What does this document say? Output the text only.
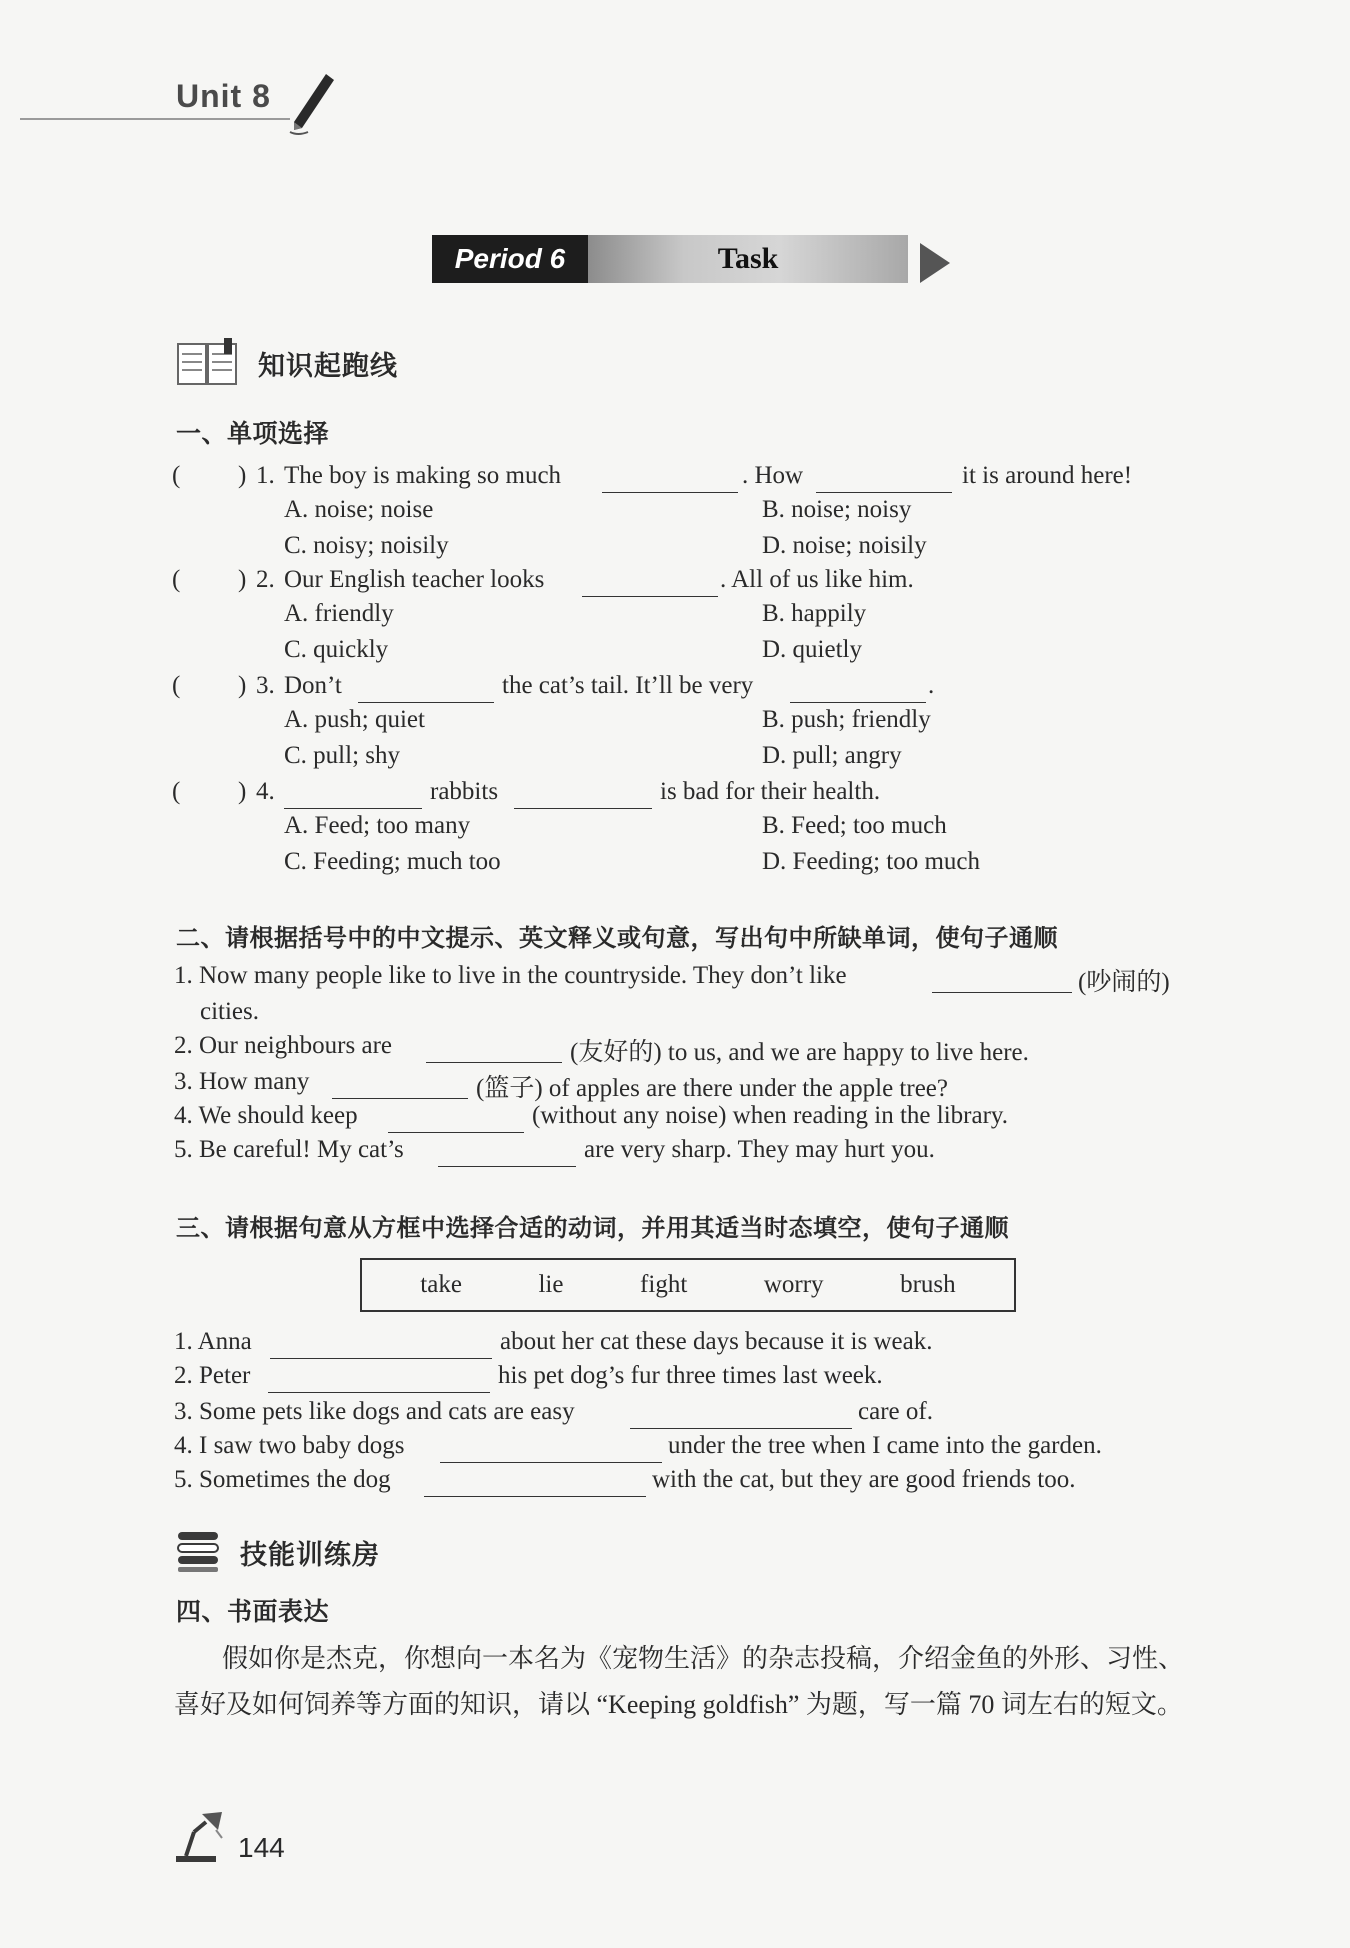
Unit 8
Period 6	Task
知识起跑线
一、单项选择
( ) 1. The boy is making so much	. How	it is around here!
A. noise; noise	B. noise; noisy
C. noisy; noisily	D. noise; noisily
( ) 2. Our English teacher looks	. All of us like him.
A. friendly	B. happily
C. quickly	D. quietly
( ) 3. Don’t	the cat’s tail. It’ll be very	.
A. push; quiet	B. push; friendly
C. pull; shy	D. pull; angry
( ) 4.	rabbits	is bad for their health.
A. Feed; too many	B. Feed; too much
C. Feeding; much too	D. Feeding; too much
二、请根据括号中的中文提示、英文释义或句意，写出句中所缺单词，使句子通顺
1. Now many people like to live in the countryside. They don’t like	(吵闹的)
cities.
2. Our neighbours are	(友好的) to us, and we are happy to live here.
3. How many	(篮子) of apples are there under the apple tree?
4. We should keep	(without any noise) when reading in the library.
5. Be careful! My cat’s	are very sharp. They may hurt you.
三、请根据句意从方框中选择合适的动词，并用其适当时态填空，使句子通顺
take	lie	fight	worry	brush
1. Anna	about her cat these days because it is weak.
2. Peter	his pet dog’s fur three times last week.
3. Some pets like dogs and cats are easy	care of.
4. I saw two baby dogs	under the tree when I came into the garden.
5. Sometimes the dog	with the cat, but they are good friends too.
技能训练房
四、书面表达
假如你是杰克，你想向一本名为《宠物生活》的杂志投稿，介绍金鱼的外形、习性、
喜好及如何饲养等方面的知识，请以 “Keeping goldfish” 为题，写一篇 70 词左右的短文。
144
